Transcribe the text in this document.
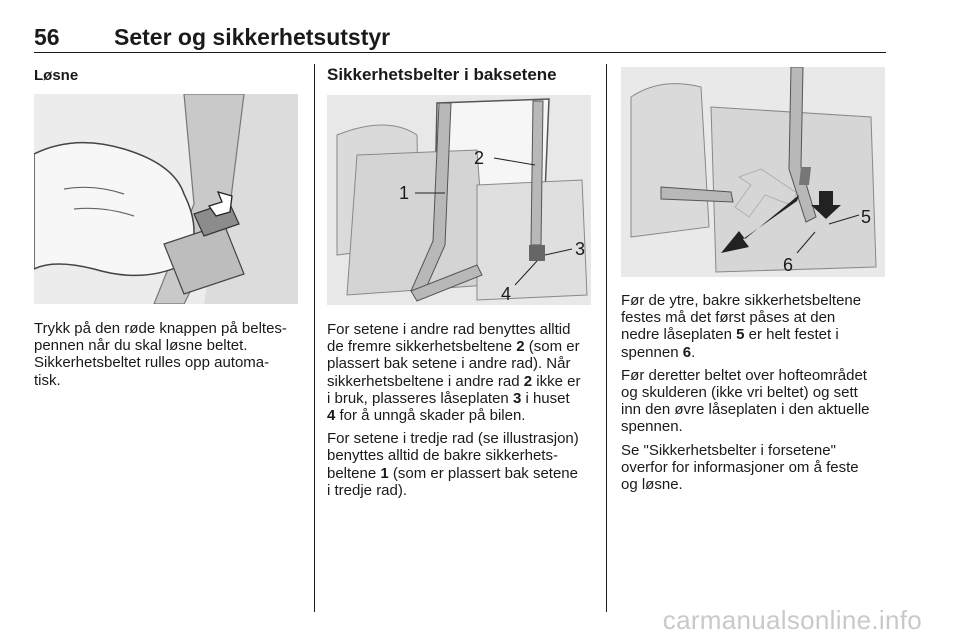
56 Seter og sikkerhetsutstyr
Løsne

Trykk på den røde knappen på beltes-
pennen når du skal løsne beltet.
Sikkerhetsbeltet rulles opp automa-
tisk.

Sikkerhetsbelter i baksetene
2
1
3
4

For setene i andre rad benyttes alltid
de fremre sikkerhetsbeltene 2 (som er
plassert bak setene i andre rad). Når
sikkerhetsbeltene i andre rad 2 ikke er
i bruk, plasseres låseplaten 3 i huset
4 for å unngå skader på bilen.

For setene i tredje rad (se illustrasjon)
benyttes alltid de bakre sikkerhets-
beltene 1 (som er plassert bak setene
i tredje rad).

5
6

Før de ytre, bakre sikkerhetsbeltene
festes må det først påses at den
nedre låseplaten 5 er helt festet i
spennen 6.

Før deretter beltet over hofteområdet
og skulderen (ikke vri beltet) og sett
inn den øvre låseplaten i den aktuelle
spennen.

Se "Sikkerhetsbelter i forsetene"
overfor for informasjoner om å feste
og løsne.

carmanualsonline.info
